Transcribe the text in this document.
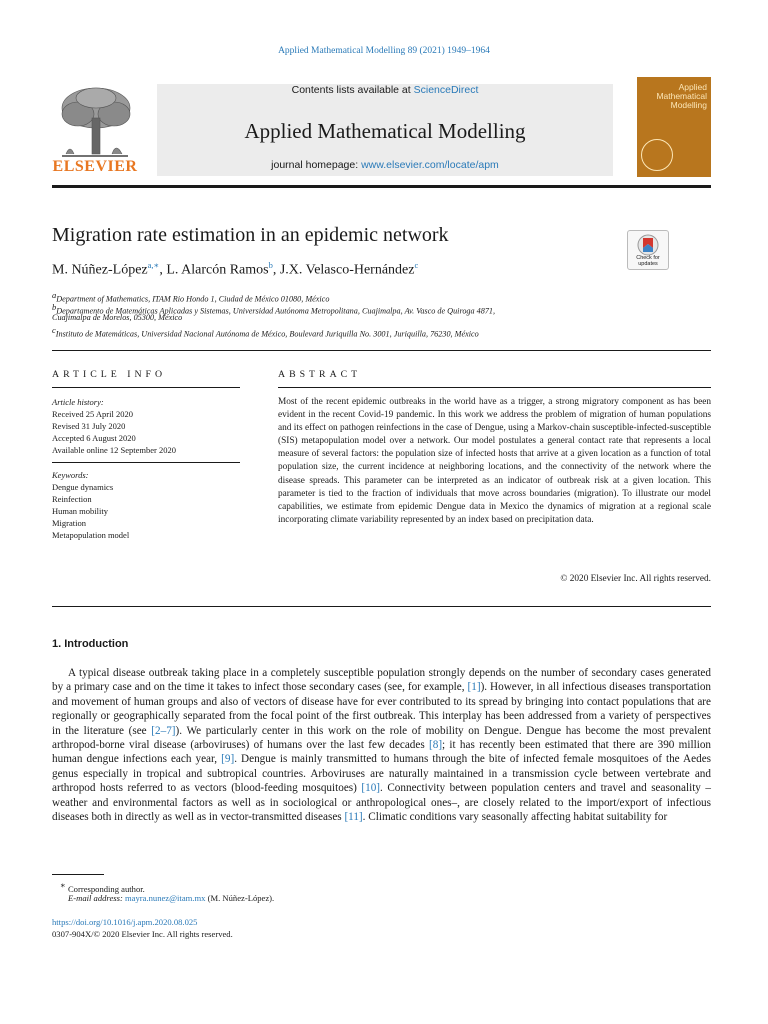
Applied Mathematical Modelling 89 (2021) 1949–1964
ELSEVIER
Contents lists available at ScienceDirect
Applied Mathematical Modelling
journal homepage: www.elsevier.com/locate/apm
Applied Mathematical Modelling
Migration rate estimation in an epidemic network
M. Núñez-López$^{a,∗}$, L. Alarcón Ramos$^b$, J.X. Velasco-Hernández$^c$
Check for updates
aDepartment of Mathematics, ITAM Rio Hondo 1, Ciudad de México 01080, México
bDepartamento de Matemáticas Aplicadas y Sistemas, Universidad Autónoma Metropolitana, Cuajimalpa, Av. Vasco de Quiroga 4871,
Cuajimalpa de Morelos, 05300, México
cInstituto de Matemáticas, Universidad Nacional Autónoma de México, Boulevard Juriquilla No. 3001, Juriquilla, 76230, México
ARTICLE INFO	ABSTRACT
Article history:
Received 25 April 2020
Revised 31 July 2020
Accepted 6 August 2020
Available online 12 September 2020
Keywords:
Dengue dynamics
Reinfection
Human mobility
Migration
Metapopulation model
Most of the recent epidemic outbreaks in the world have as a trigger, a strong migratory component as has been evident in the recent Covid-19 pandemic. In this work we address the problem of migration of human populations and its effect on pathogen reinfections in the case of Dengue, using a Markov-chain susceptible-infected-susceptible (SIS) metapopulation model over a network. Our model postulates a general contact rate that represents a local measure of several factors: the population size of infected hosts that arrive at a given location as a function of total population size, the current incidence at neighboring locations, and the connectivity of the network where the disease spreads. This parameter can be interpreted as an indicator of outbreak risk at a given location. This parameter is tied to the fraction of individuals that move across boundaries (migration). To illustrate our model capabilities, we estimate from epidemic Dengue data in Mexico the dynamics of migration at a regional scale incorporating climate variability represented by an index based on precipitation data.
© 2020 Elsevier Inc. All rights reserved.
1. Introduction
A typical disease outbreak taking place in a completely susceptible population strongly depends on the number of secondary cases generated by a primary case and on the time it takes to infect those secondary cases (see, for example, [1]). However, in all infectious diseases transportation and movement of human groups and also of vectors of disease have for ever contributed to its spread by bringing into contact populations that are regionally or geographically separated from the focal point of the first outbreak. This interplay has been addressed from a variety of perspectives in the literature (see [2–7]). We particularly center in this work on the role of mobility on Dengue. Dengue has become the most prevalent arthropod-borne viral disease (arboviruses) of humans over the last few decades [8]; it has recently been estimated that there are 390 million human dengue infections each year, [9]. Dengue is mainly transmitted to humans through the bite of infected female mosquitoes of the Aedes genus especially in tropical and subtropical countries. Arboviruses are naturally maintained in a transmission cycle between vertebrate and arthropod hosts referred to as vectors (blood-feeding mosquitoes) [10]. Connectivity between population centers and travel and seasonality –weather and environmental factors as well as in sociological or anthropological ones–, are closely related to the import/export of infectious diseases both in directly as well as in vector-transmitted diseases [11]. Climatic conditions vary seasonally affecting habitat suitability for
∗ Corresponding author.
E-mail address: mayra.nunez@itam.mx (M. Núñez-López).
https://doi.org/10.1016/j.apm.2020.08.025
0307-904X/© 2020 Elsevier Inc. All rights reserved.
